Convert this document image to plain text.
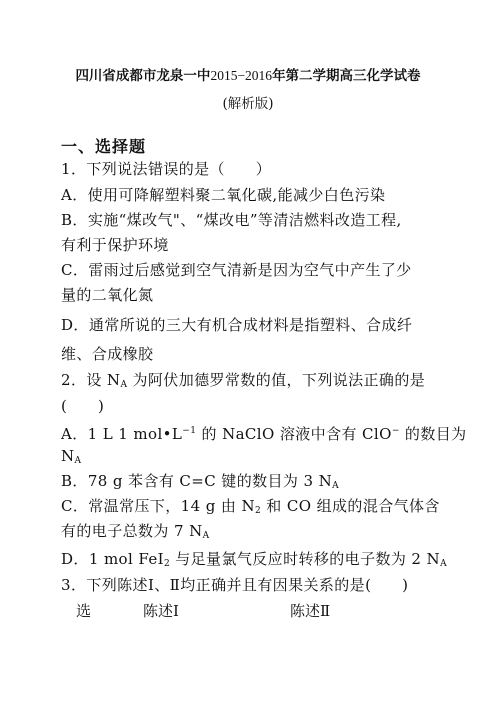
四川省成都市龙泉一中2015−2016年第二学期高三化学试卷
(解析版)
一、选择题
1．下列说法错误的是（　　）
A．使用可降解塑料聚二氧化碳,能减少白色污染
B．实施“煤改气"、“煤改电”等清洁燃料改造工程,
有利于保护环境
C．雷雨过后感觉到空气清新是因为空气中产生了少
量的二氧化氮
D．通常所说的三大有机合成材料是指塑料、合成纤
维、合成橡胶
2．设 $N_A$ 为阿伏加德罗常数的值，下列说法正确的是
(　　)
A．1 L 1 $mol•L^{-1}$ 的 NaClO 溶液中含有 ClO− 的数目为
$N_A$
B．78 g 苯含有 C=C 键的数目为 3 $N_A$
C．常温常压下，14 g 由 $N_2$ 和 CO 组成的混合气体含
有的电子总数为 7 $N_A$
D．1 mol FeI$_2$ 与足量氯气反应时转移的电子数为 2 $N_A$
3．下列陈述Ⅰ、Ⅱ均正确并且有因果关系的是(　　)
选	陈述Ⅰ	陈述Ⅱ
